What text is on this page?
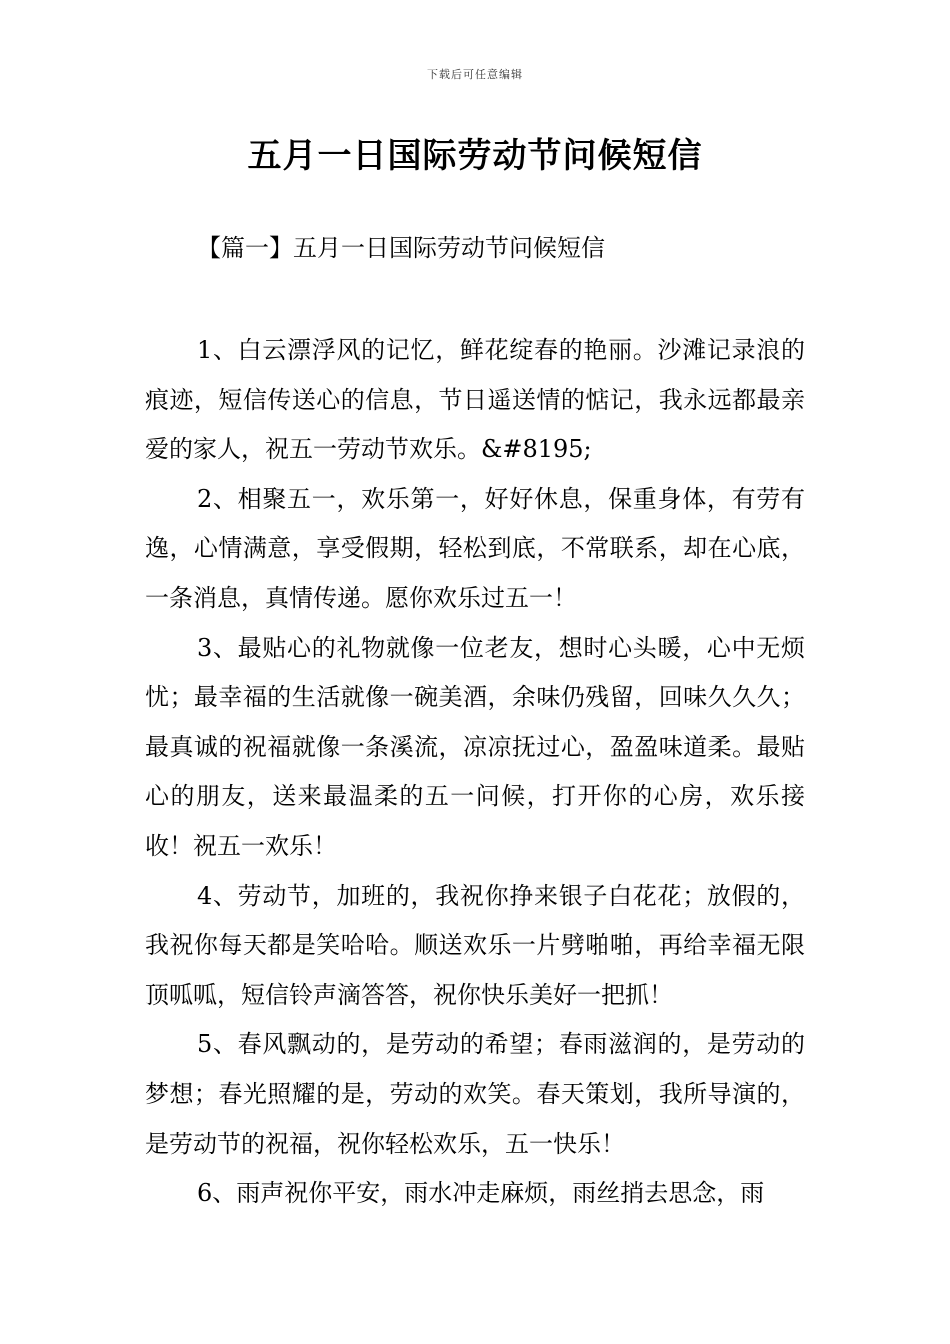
下载后可任意编辑
五月一日国际劳动节问候短信
【篇一】五月一日国际劳动节问候短信

1、白云漂浮风的记忆，鲜花绽春的艳丽。沙滩记录浪的痕迹，短信传送心的信息，节日遥送情的惦记，我永远都最亲爱的家人，祝五一劳动节欢乐。&#8195;

2、相聚五一，欢乐第一，好好休息，保重身体，有劳有逸，心情满意，享受假期，轻松到底，不常联系，却在心底，一条消息，真情传递。愿你欢乐过五一！

3、最贴心的礼物就像一位老友，想时心头暖，心中无烦忧；最幸福的生活就像一碗美酒，余味仍残留，回味久久久；最真诚的祝福就像一条溪流，凉凉抚过心，盈盈味道柔。最贴心的朋友，送来最温柔的五一问候，打开你的心房，欢乐接收！祝五一欢乐！

4、劳动节，加班的，我祝你挣来银子白花花；放假的，我祝你每天都是笑哈哈。顺送欢乐一片劈啪啪，再给幸福无限顶呱呱，短信铃声滴答答，祝你快乐美好一把抓！

5、春风飘动的，是劳动的希望；春雨滋润的，是劳动的梦想；春光照耀的是，劳动的欢笑。春天策划，我所导演的，是劳动节的祝福，祝你轻松欢乐，五一快乐！

6、雨声祝你平安，雨水冲走麻烦，雨丝捎去思念，雨
